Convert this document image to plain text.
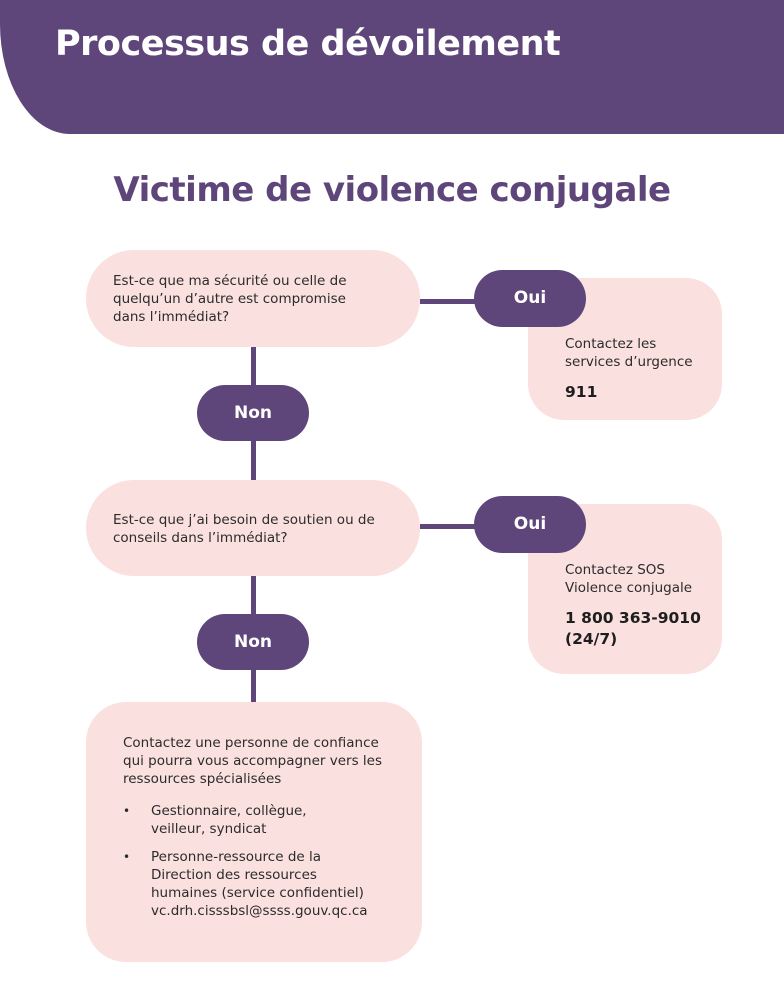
Processus de dévoilement
Victime de violence conjugale
Est-ce que ma sécurité ou celle de quelqu’un d’autre est compromise dans l’immédiat?
Contactez les services d’urgence
911
Oui
Non
Est-ce que j’ai besoin de soutien ou de conseils dans l’immédiat?
Contactez SOS Violence conjugale
1 800 363-9010 (24/7)
Oui
Non
Contactez une personne de confiance qui pourra vous accompagner vers les ressources spécialisées
• Gestionnaire, collègue, veilleur, syndicat
• Personne-ressource de la Direction des ressources humaines (service confidentiel) vc.drh.cisssbsl@ssss.gouv.qc.ca
